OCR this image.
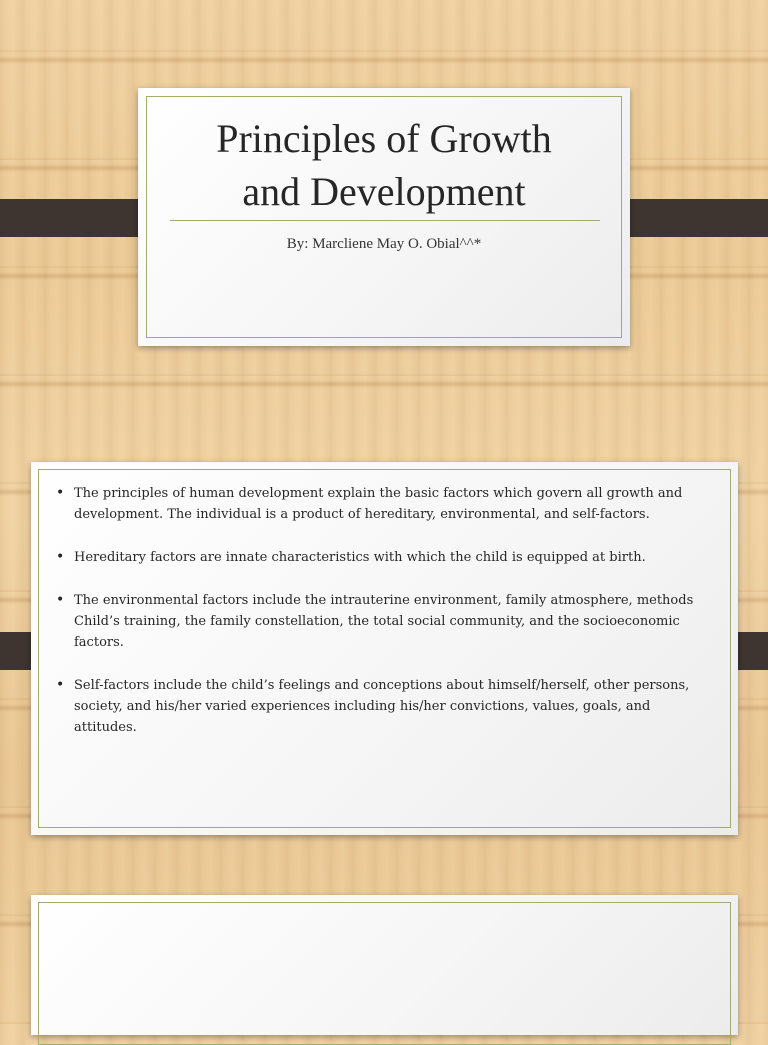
Principles of Growth
and Development
By: Marcliene May O. Obial^^*
• The principles of human development explain the basic factors which govern all growth and development. The individual is a product of hereditary, environmental, and self-factors.
• Hereditary factors are innate characteristics with which the child is equipped at birth.
• The environmental factors include the intrauterine environment, family atmosphere, methods Child’s training, the family constellation, the total social community, and the socioeconomic factors.
• Self-factors include the child’s feelings and conceptions about himself/herself, other persons, society, and his/her varied experiences including his/her convictions, values, goals, and attitudes.
